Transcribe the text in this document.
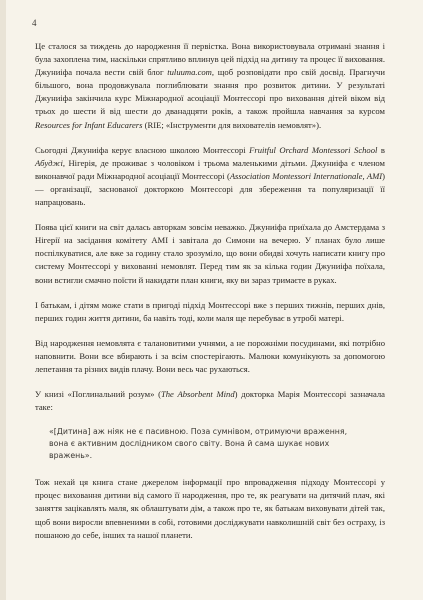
4

Це сталося за тиждень до народження її первістка. Вона використовувала отримані знання і була захоплена тим, наскільки спрятливо вплинув цей підхід на дитину та процес її виховання. Джуниіфа почала вести свій блог tuluuma.com, щоб розповідати про свій досвід. Прагнучи більшого, вона продовжувала поглиблювати знання про розвиток дитини. У результаті Джуниіфа закінчила курс Міжнародної асоціації Монтессорі про виховання дітей віком від трьох до шести й від шести до дванадцяти років, а також пройшла навчання за курсом Resources for Infant Educarers (RIE; «Інструменти для вихователів немовлят»).

Сьогодні Джуниіфа керує власною школою Монтессорі Fruitful Orchard Montessori School в Абуджі, Нігерія, де проживає з чоловіком і трьома маленькими дітьми. Джуниіфа є членом виконавчої ради Міжнародної асоціації Монтессорі (Association Montessori Internationale, AMI) — організації, заснованої докторкою Монтессорі для збереження та популяризації її напрацювань.

Поява цієї книги на світ далась авторкам зовсім неважко. Джуниіфа приїхала до Амстердама з Нігерії на засідання комітету AMI і завітала до Симони на вечерю. У планах було лише поспілкуватися, але вже за годину стало зрозуміло, що вони обидві хочуть написати книгу про систему Монтессорі у вихованні немовлят. Перед тим як за кілька годин Джуниіфа поїхала, вони встигли смачно поїсти й накидати план книги, яку ви зараз тримаєте в руках.

І батькам, і дітям може стати в пригоді підхід Монтессорі вже з перших тижнів, перших днів, перших годин життя дитини, ба навіть тоді, коли маля ще перебуває в утробі матері.

Від народження немовлята є талановитими учнями, а не порожніми посудинами, які потрібно наповнити. Вони все вбирають і за всім спостерігають. Малюки комунікують за допомогою лепетання та різних видів плачу. Вони весь час рухаються.

У книзі «Поглинальний розум» (The Absorbent Mind) докторка Марія Монтессорі зазначала таке:

«[Дитина] аж ніяк не є пасивною. Поза сумнівом, отримуючи враження, вона є активним дослідником свого світу. Вона й сама шукає нових вражень».

Тож нехай ця книга стане джерелом інформації про впровадження підходу Монтессорі у процес виховання дитини від самого її народження, про те, як реагувати на дитячий плач, які заняття зацікавлять маля, як облаштувати дім, а також про те, як батькам виховувати дітей так, щоб вони виросли впевненими в собі, готовими досліджувати навколишній світ без остраху, із пошаною до себе, інших та нашої планети.
